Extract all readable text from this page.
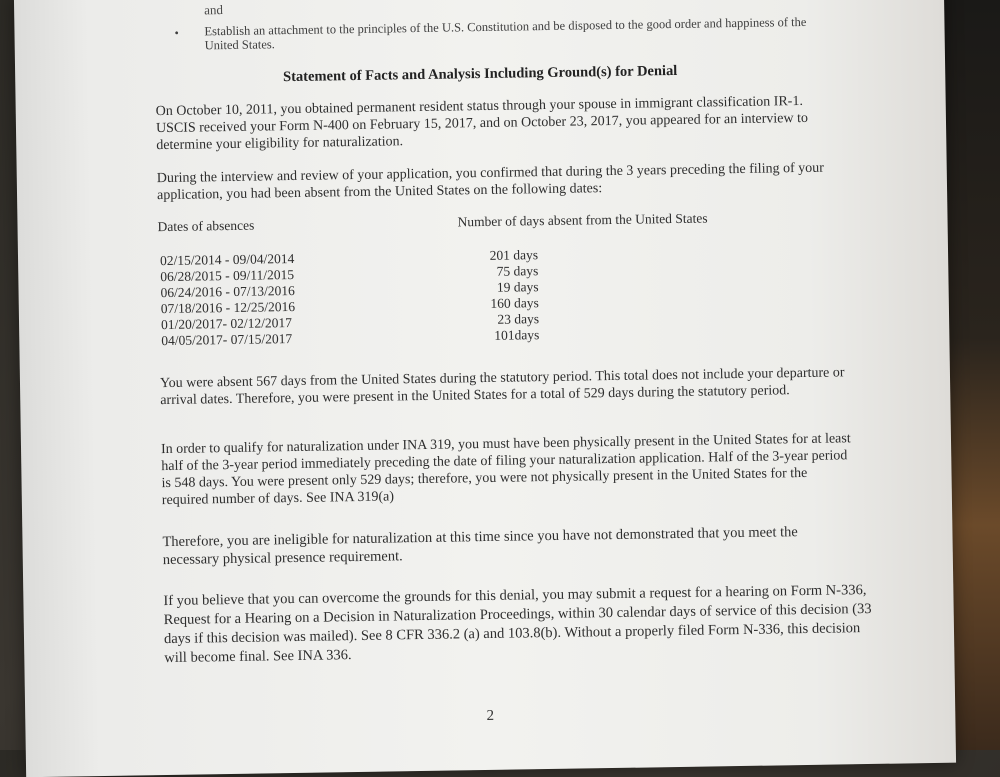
and
• Establish an attachment to the principles of the U.S. Constitution and be disposed to the good order and happiness of the United States.
Statement of Facts and Analysis Including Ground(s) for Denial
On October 10, 2011, you obtained permanent resident status through your spouse in immigrant classification IR-1. USCIS received your Form N-400 on February 15, 2017, and on October 23, 2017, you appeared for an interview to determine your eligibility for naturalization.
During the interview and review of your application, you confirmed that during the 3 years preceding the filing of your application, you had been absent from the United States on the following dates:
Dates of absences	Number of days absent from the United States
02/15/2014 - 09/04/2014	201 days
06/28/2015 - 09/11/2015	75 days
06/24/2016 - 07/13/2016	19 days
07/18/2016 - 12/25/2016	160 days
01/20/2017- 02/12/2017	23 days
04/05/2017- 07/15/2017	101days
You were absent 567 days from the United States during the statutory period. This total does not include your departure or arrival dates. Therefore, you were present in the United States for a total of 529 days during the statutory period.
In order to qualify for naturalization under INA 319, you must have been physically present in the United States for at least half of the 3-year period immediately preceding the date of filing your naturalization application. Half of the 3-year period is 548 days. You were present only 529 days; therefore, you were not physically present in the United States for the required number of days. See INA 319(a)
Therefore, you are ineligible for naturalization at this time since you have not demonstrated that you meet the necessary physical presence requirement.
If you believe that you can overcome the grounds for this denial, you may submit a request for a hearing on Form N-336, Request for a Hearing on a Decision in Naturalization Proceedings, within 30 calendar days of service of this decision (33 days if this decision was mailed). See 8 CFR 336.2 (a) and 103.8(b). Without a properly filed Form N-336, this decision will become final. See INA 336.
2
